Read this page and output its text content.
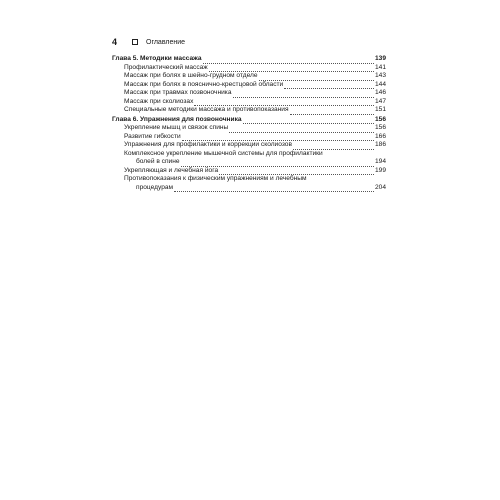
4	Оглавление
Глава 5. Методики массажа	139
Профилактический массаж	141
Массаж при болях в шейно-грудном отделе	143
Массаж при болях в пояснично-крестцовой области	144
Массаж при травмах позвоночника	146
Массаж при сколиозах	147
Специальные методики массажа и противопоказания	151
Глава 6. Упражнения для позвоночника	156
Укрепление мышц и связок спины	156
Развитие гибкости	166
Упражнения для профилактики и коррекции сколиозов	186
Комплексное укрепление мышечной системы для профилактики
болей в спине	194
Укрепляющая и лечебная йога	199
Противопоказания к физическим упражнениям и лечебным
процедурам	204
